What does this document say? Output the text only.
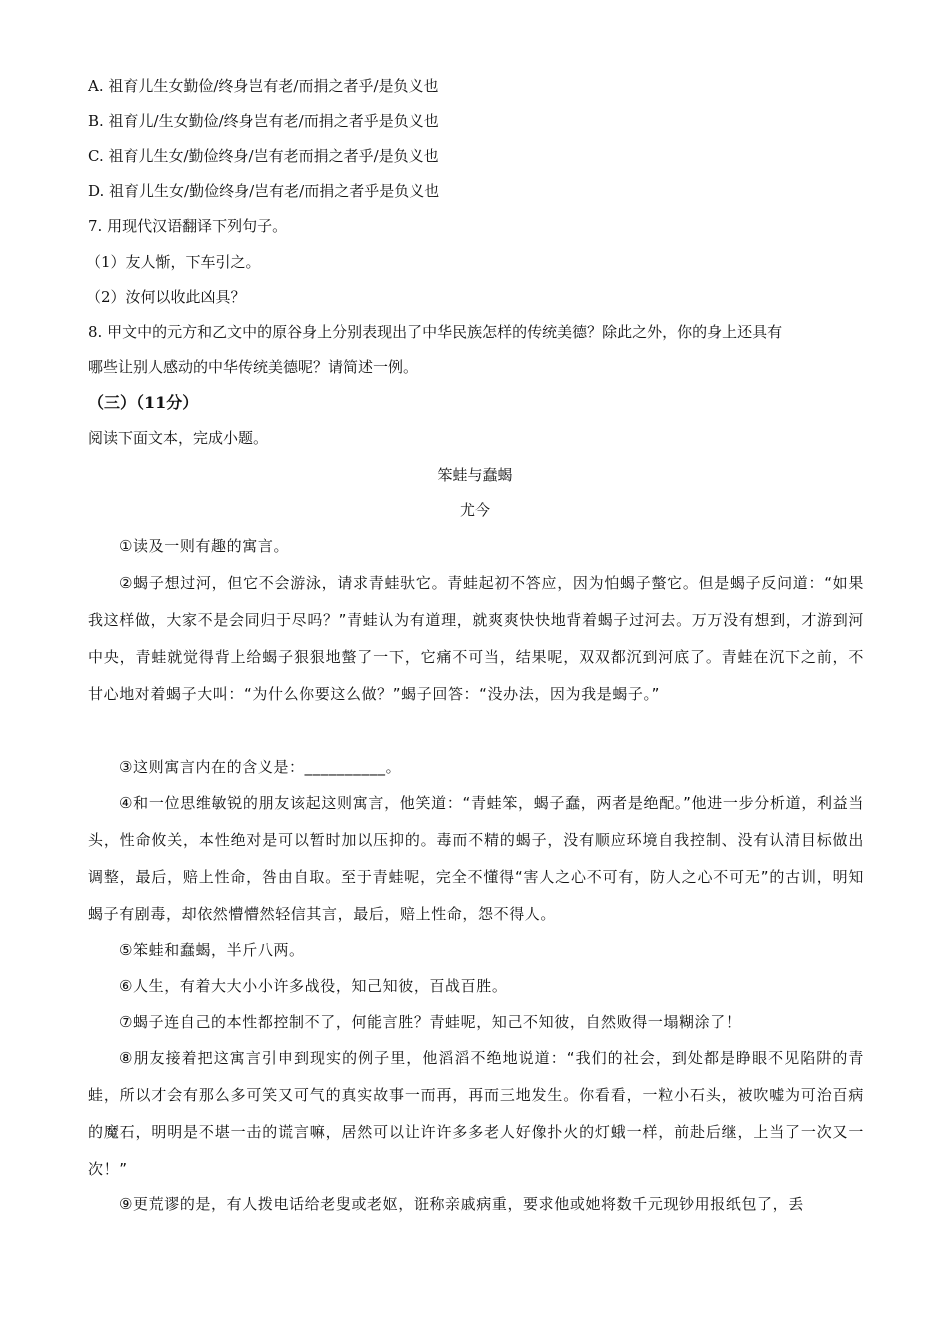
A. 祖育儿生女勤俭/终身岂有老/而捐之者乎/是负义也
B. 祖育儿/生女勤俭/终身岂有老/而捐之者乎是负义也
C. 祖育儿生女/勤俭终身/岂有老而捐之者乎/是负义也
D. 祖育儿生女/勤俭终身/岂有老/而捐之者乎是负义也
7. 用现代汉语翻译下列句子。
（1）友人惭，下车引之。
（2）汝何以收此凶具？
8. 甲文中的元方和乙文中的原谷身上分别表现出了中华民族怎样的传统美德？除此之外，你的身上还具有
哪些让别人感动的中华传统美德呢？请简述一例。
（三）（11分）
阅读下面文本，完成小题。
笨蛙与蠢蝎
尤今
①读及一则有趣的寓言。
②蝎子想过河，但它不会游泳，请求青蛙驮它。青蛙起初不答应，因为怕蝎子螫它。但是蝎子反问道：“如果我这样做，大家不是会同归于尽吗？”青蛙认为有道理，就爽爽快快地背着蝎子过河去。万万没有想到，才游到河中央，青蛙就觉得背上给蝎子狠狠地螫了一下，它痛不可当，结果呢，双双都沉到河底了。青蛙在沉下之前，不甘心地对着蝎子大叫：“为什么你要这么做？”蝎子回答：“没办法，因为我是蝎子。”
③这则寓言内在的含义是：__________。
④和一位思维敏锐的朋友该起这则寓言，他笑道：“青蛙笨，蝎子蠢，两者是绝配。”他进一步分析道，利益当头，性命攸关，本性绝对是可以暂时加以压抑的。毒而不精的蝎子，没有顺应环境自我控制、没有认清目标做出调整，最后，赔上性命，咎由自取。至于青蛙呢，完全不懂得“害人之心不可有，防人之心不可无”的古训，明知蝎子有剧毒，却依然懵懵然轻信其言，最后，赔上性命，怨不得人。
⑤笨蛙和蠢蝎，半斤八两。
⑥人生，有着大大小小许多战役，知己知彼，百战百胜。
⑦蝎子连自己的本性都控制不了，何能言胜？青蛙呢，知己不知彼，自然败得一塌糊涂了！
⑧朋友接着把这寓言引申到现实的例子里，他滔滔不绝地说道：“我们的社会，到处都是睁眼不见陷阱的青蛙，所以才会有那么多可笑又可气的真实故事一而再，再而三地发生。你看看，一粒小石头，被吹嘘为可治百病的魔石，明明是不堪一击的谎言嘛，居然可以让许许多多老人好像扑火的灯蛾一样，前赴后继，上当了一次又一次！”
⑨更荒谬的是，有人拨电话给老叟或老妪，诳称亲戚病重，要求他或她将数千元现钞用报纸包了，丢
